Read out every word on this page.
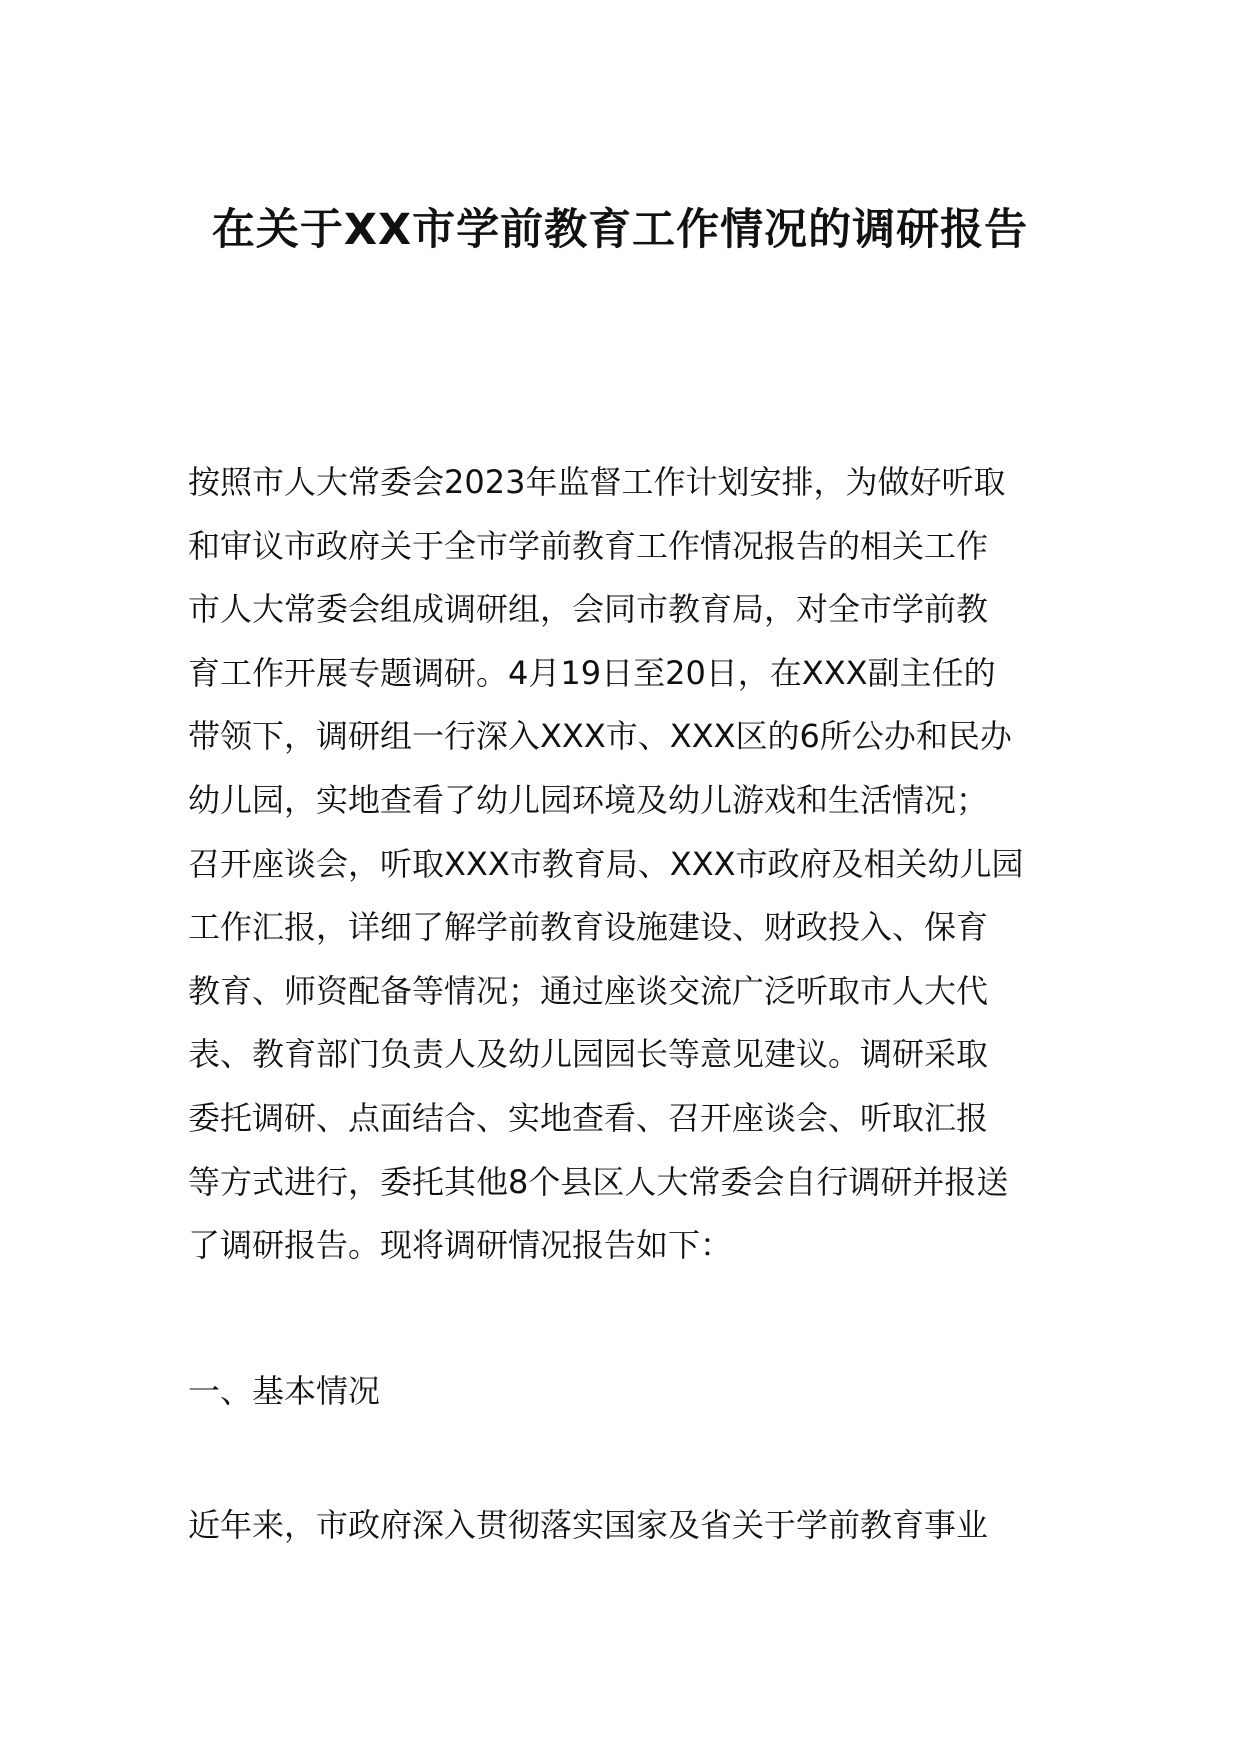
在关于XX市学前教育工作情况的调研报告
按照市人大常委会2023年监督工作计划安排，为做好听取
和审议市政府关于全市学前教育工作情况报告的相关工作
市人大常委会组成调研组，会同市教育局，对全市学前教
育工作开展专题调研。4月19日至20日，在XXX副主任的
带领下，调研组一行深入XXX市、XXX区的6所公办和民办
幼儿园，实地查看了幼儿园环境及幼儿游戏和生活情况；
召开座谈会，听取XXX市教育局、XXX市政府及相关幼儿园
工作汇报，详细了解学前教育设施建设、财政投入、保育
教育、师资配备等情况；通过座谈交流广泛听取市人大代
表、教育部门负责人及幼儿园园长等意见建议。调研采取
委托调研、点面结合、实地查看、召开座谈会、听取汇报
等方式进行，委托其他8个县区人大常委会自行调研并报送
了调研报告。现将调研情况报告如下：
一、基本情况
近年来，市政府深入贯彻落实国家及省关于学前教育事业
